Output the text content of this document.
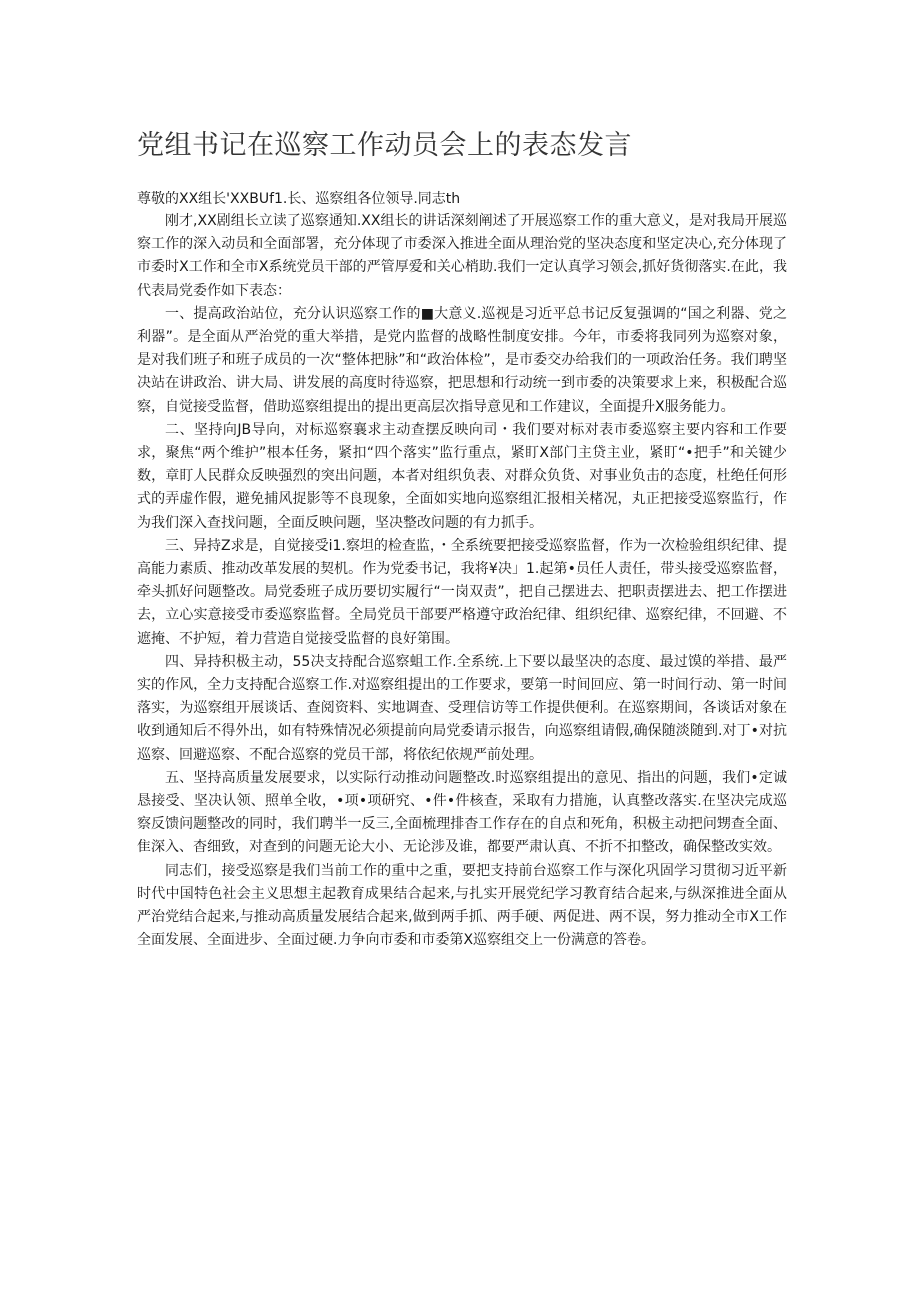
党组书记在巡察工作动员会上的表态发言

尊敬的XX组长'XXBUf1.长、巡察组各位领导.同志th

刚才,XX剧组长立读了巡察通知.XX组长的讲话深刻阐述了开展巡察工作的重大意义，是对我局开展巡察工作的深入动员和全面部署，充分体现了市委深入推进全面从理治党的坚决态度和坚定决心,充分体现了市委时X工作和全市X系统党员干部的严管厚爱和关心梢助.我们一定认真学习领会,抓好货彻落实.在此，我代表局党委作如下表态：

一、提高政治站位，充分认识巡察工作的■大意义.巡视是习近平总书记反复强调的“国之利器、党之利器”。是全面从严治党的重大举措，是党内监督的战略性制度安排。今年，市委将我同列为巡察对象，是对我们班子和班子成员的一次“整体把脉”和“政治体检”，是市委交办给我们的一项政治任务。我们聘坚决站在讲政治、讲大局、讲发展的高度时待巡察，把思想和行动统一到市委的决策要求上来，积极配合巡察，自觉接受监督，借助巡察组提出的提出更高层次指导意见和工作建议，全面提升X服务能力。

二、坚持向JB导向，对标巡察襄求主动查摆反映向司・我们要对标对表市委巡察主要内容和工作要求，聚焦“两个维护”根本任务，紧扣“四个落实”监行重点，紧盯X部门主贷主业，紧盯“•把手”和关键少数，章盯人民群众反映强烈的突出问题，本者对组织负表、对群众负货、对事业负击的态度，杜绝任何形式的弄虚作假，避免捕风捉影等不良现象，全面如实地向巡察组汇报相关楮况，丸正把接受巡察监行，作为我们深入查找问题，全面反映问题，坚决整改问题的有力抓手。

三、异持Z求是，自觉接受i1.察坦的检查监，・全系统要把接受巡察监督，作为一次检验组织纪律、提高能力素质、推动改革发展的契机。作为党委书记，我将¥决」1.起第•员任人责任，带头接受巡察监督，牵头抓好问题整改。局党委班子成历要切实履行“一岗双责”，把自己摆进去、把职责摆进去、把工作摆进去，立心实意接受市委巡察监督。全局党员干部要严格遵守政治纪律、组织纪律、巡察纪律，不回避、不遮掩、不护短，着力营造自觉接受监督的良好第围。

四、异持积极主动，55决支持配合巡察蛆工作.全系统.上下要以最坚决的态度、最过馍的举措、最严实的作风，全力支持配合巡察工作.对巡察组提出的工作要求，要第一时间回应、第一时间行动、第一时间落实，为巡察组开展谈话、查阅资料、实地调查、受理信访等工作提供便利。在巡察期间，各谈话对象在收到通知后不得外出，如有特殊情况必须提前向局党委请示报告，向巡察组请假,确保随淡随到.对丁•对抗巡察、回避巡察、不配合巡察的党员干部，将依纪依规严前处理。

五、坚持高质量发展要求，以实际行动推动问题整改.时巡察组提出的意见、指出的问题，我们•定诚恳接受、坚决认领、照单全收，•项•项研究、•件•件核查，采取有力措施，认真整改落实.在坚决完成巡察反馈问题整改的同时，我们聘半一反三,全面梳理排杳工作存在的自点和死角，积极主动把问甥查全面、隹深入、杳细致，对查到的问题无论大小、无论涉及谁，都要严肃认真、不折不扣整改，确保整改实效。

同志们，接受巡察是我们当前工作的重中之重，要把支持前台巡察工作与深化巩固学习贯彻习近平新时代中国特色社会主义思想主起教育成果结合起来,与扎实开展党纪学习教育结合起来,与纵深推进全面从严治党结合起来,与推动高质量发展结合起来,做到两手抓、两手硬、两促进、两不误，努力推动全市X工作全面发展、全面进步、全面过硬.力争向市委和市委第X巡察组交上一份满意的答卷。
